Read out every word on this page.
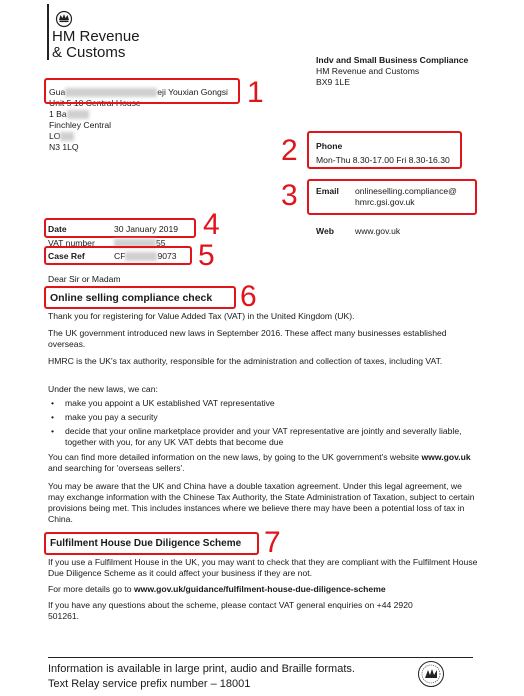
HM Revenue
& Customs	Indv and Small Business Compliance
HM Revenue and Customs
BX9 1LE
Gua	eji Youxian Gongsi
Unit 5 10 Central House
1 Ba
Finchley Central
LO
N3 1LQ
1
Phone
Mon-Thu 8.30-17.00 Fri 8.30-16.30
2
Email onlineselling.compliance@
hmrc.gsi.gov.uk
3
Web www.gov.uk
Date	30 January 2019 4
VAT number	55
Case Ref	CF	9073 5
Dear Sir or Madam
Online selling compliance check 6
Thank you for registering for Value Added Tax (VAT) in the United Kingdom (UK).
The UK government introduced new laws in September 2016. These affect many businesses established overseas.
HMRC is the UK's tax authority, responsible for the administration and collection of taxes, including VAT.
Under the new laws, we can:
• make you appoint a UK established VAT representative
• make you pay a security
• decide that your online marketplace provider and your VAT representative are jointly and severally liable, together with you, for any UK VAT debts that become due
You can find more detailed information on the new laws, by going to the UK government's website www.gov.uk and searching for 'overseas sellers'.
You may be aware that the UK and China have a double taxation agreement. Under this legal agreement, we may exchange information with the Chinese Tax Authority, the State Administration of Taxation, subject to certain provisions being met. This includes instances where we believe there may have been a potential loss of tax in China.
Fulfilment House Due Diligence Scheme 7
If you use a Fulfilment House in the UK, you may want to check that they are compliant with the Fulfilment House Due Diligence Scheme as it could affect your business if they are not.
For more details go to www.gov.uk/guidance/fulfilment-house-due-diligence-scheme
If you have any questions about the scheme, please contact VAT general enquiries on +44 2920 501261.
Information is available in large print, audio and Braille formats.
Text Relay service prefix number – 18001
